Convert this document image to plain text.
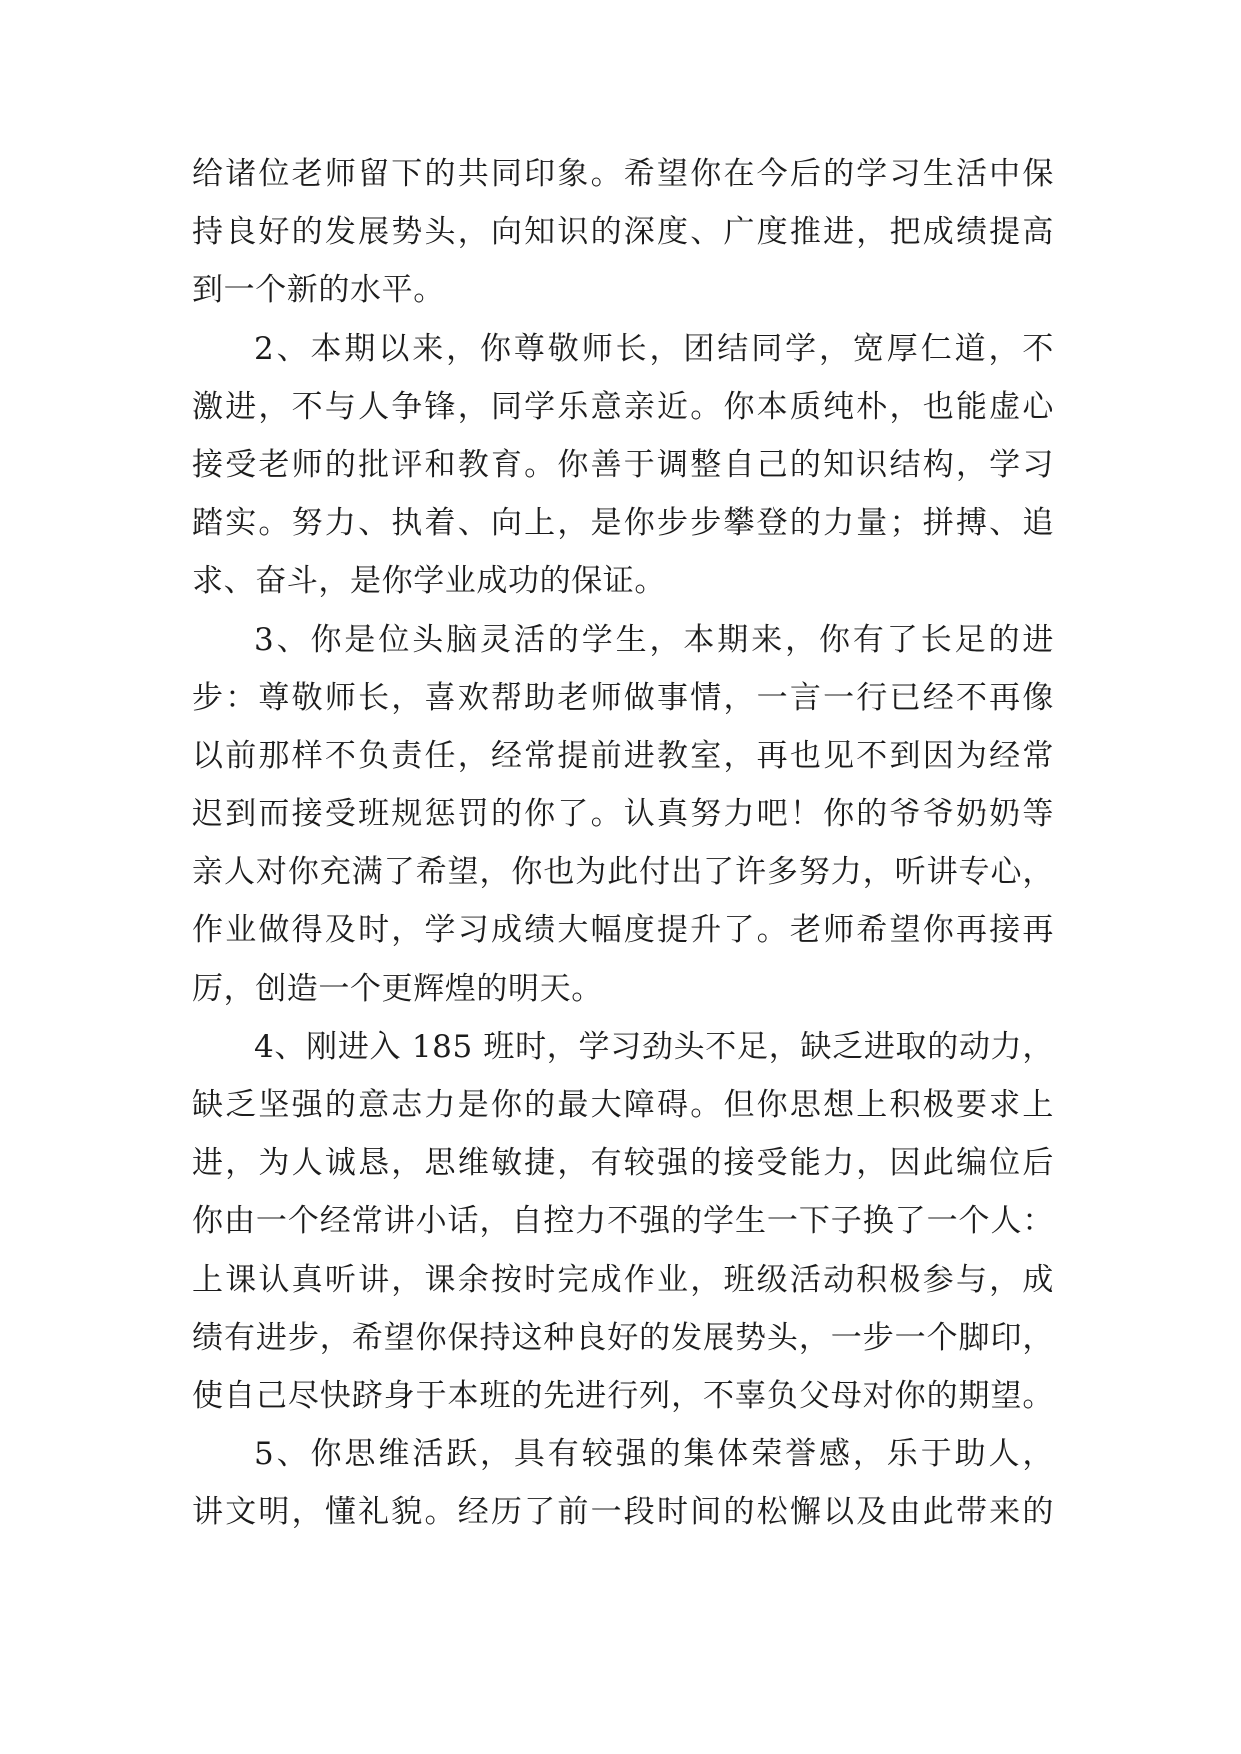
给诸位老师留下的共同印象。希望你在今后的学习生活中保
持良好的发展势头，向知识的深度、广度推进，把成绩提高
到一个新的水平。
2、本期以来，你尊敬师长，团结同学，宽厚仁道，不
激进，不与人争锋，同学乐意亲近。你本质纯朴，也能虚心
接受老师的批评和教育。你善于调整自己的知识结构，学习
踏实。努力、执着、向上，是你步步攀登的力量；拼搏、追
求、奋斗，是你学业成功的保证。
3、你是位头脑灵活的学生，本期来，你有了长足的进
步：尊敬师长，喜欢帮助老师做事情，一言一行已经不再像
以前那样不负责任，经常提前进教室，再也见不到因为经常
迟到而接受班规惩罚的你了。认真努力吧！你的爷爷奶奶等
亲人对你充满了希望，你也为此付出了许多努力，听讲专心，
作业做得及时，学习成绩大幅度提升了。老师希望你再接再
厉，创造一个更辉煌的明天。
4、刚进入 185 班时，学习劲头不足，缺乏进取的动力，
缺乏坚强的意志力是你的最大障碍。但你思想上积极要求上
进，为人诚恳，思维敏捷，有较强的接受能力，因此编位后
你由一个经常讲小话，自控力不强的学生一下子换了一个人：
上课认真听讲，课余按时完成作业，班级活动积极参与，成
绩有进步，希望你保持这种良好的发展势头，一步一个脚印，
使自己尽快跻身于本班的先进行列，不辜负父母对你的期望。
5、你思维活跃，具有较强的集体荣誉感，乐于助人，
讲文明，懂礼貌。经历了前一段时间的松懈以及由此带来的
